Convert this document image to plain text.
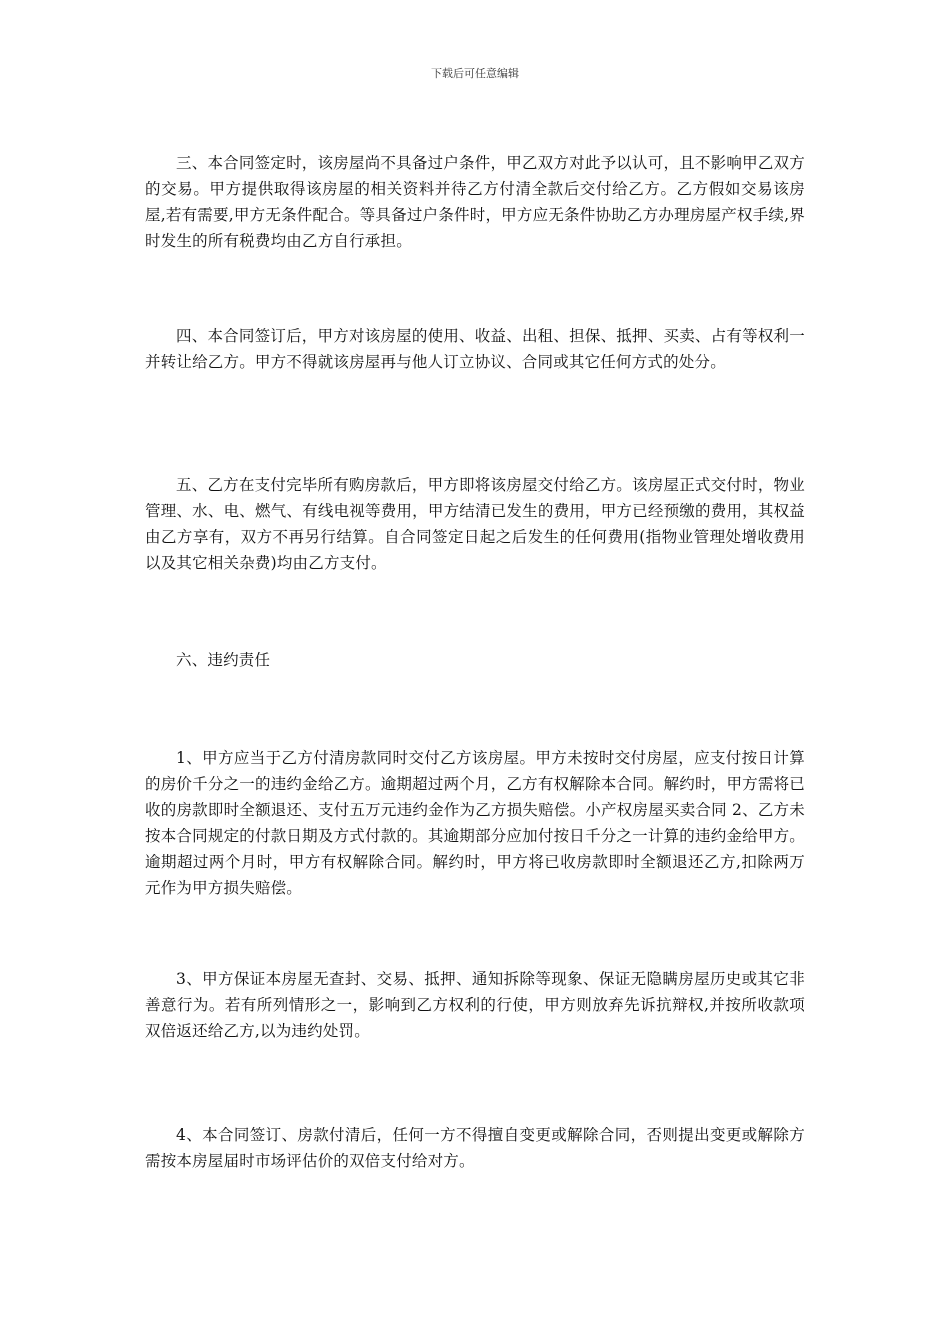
下载后可任意编辑

三、本合同签定时，该房屋尚不具备过户条件，甲乙双方对此予以认可，且不影响甲乙双方的交易。甲方提供取得该房屋的相关资料并待乙方付清全款后交付给乙方。乙方假如交易该房屋,若有需要,甲方无条件配合。等具备过户条件时，甲方应无条件协助乙方办理房屋产权手续,界时发生的所有税费均由乙方自行承担。

四、本合同签订后，甲方对该房屋的使用、收益、出租、担保、抵押、买卖、占有等权利一并转让给乙方。甲方不得就该房屋再与他人订立协议、合同或其它任何方式的处分。

五、乙方在支付完毕所有购房款后，甲方即将该房屋交付给乙方。该房屋正式交付时，物业管理、水、电、燃气、有线电视等费用，甲方结清已发生的费用，甲方已经预缴的费用，其权益由乙方享有，双方不再另行结算。自合同签定日起之后发生的任何费用(指物业管理处增收费用以及其它相关杂费)均由乙方支付。

六、违约责任

1、甲方应当于乙方付清房款同时交付乙方该房屋。甲方未按时交付房屋，应支付按日计算的房价千分之一的违约金给乙方。逾期超过两个月，乙方有权解除本合同。解约时，甲方需将已收的房款即时全额退还、支付五万元违约金作为乙方损失赔偿。小产权房屋买卖合同 2、乙方未按本合同规定的付款日期及方式付款的。其逾期部分应加付按日千分之一计算的违约金给甲方。逾期超过两个月时，甲方有权解除合同。解约时，甲方将已收房款即时全额退还乙方,扣除两万元作为甲方损失赔偿。

3、甲方保证本房屋无查封、交易、抵押、通知拆除等现象、保证无隐瞒房屋历史或其它非善意行为。若有所列情形之一，影响到乙方权利的行使，甲方则放弃先诉抗辩权,并按所收款项双倍返还给乙方,以为违约处罚。

4、本合同签订、房款付清后，任何一方不得擅自变更或解除合同，否则提出变更或解除方需按本房屋届时市场评估价的双倍支付给对方。
